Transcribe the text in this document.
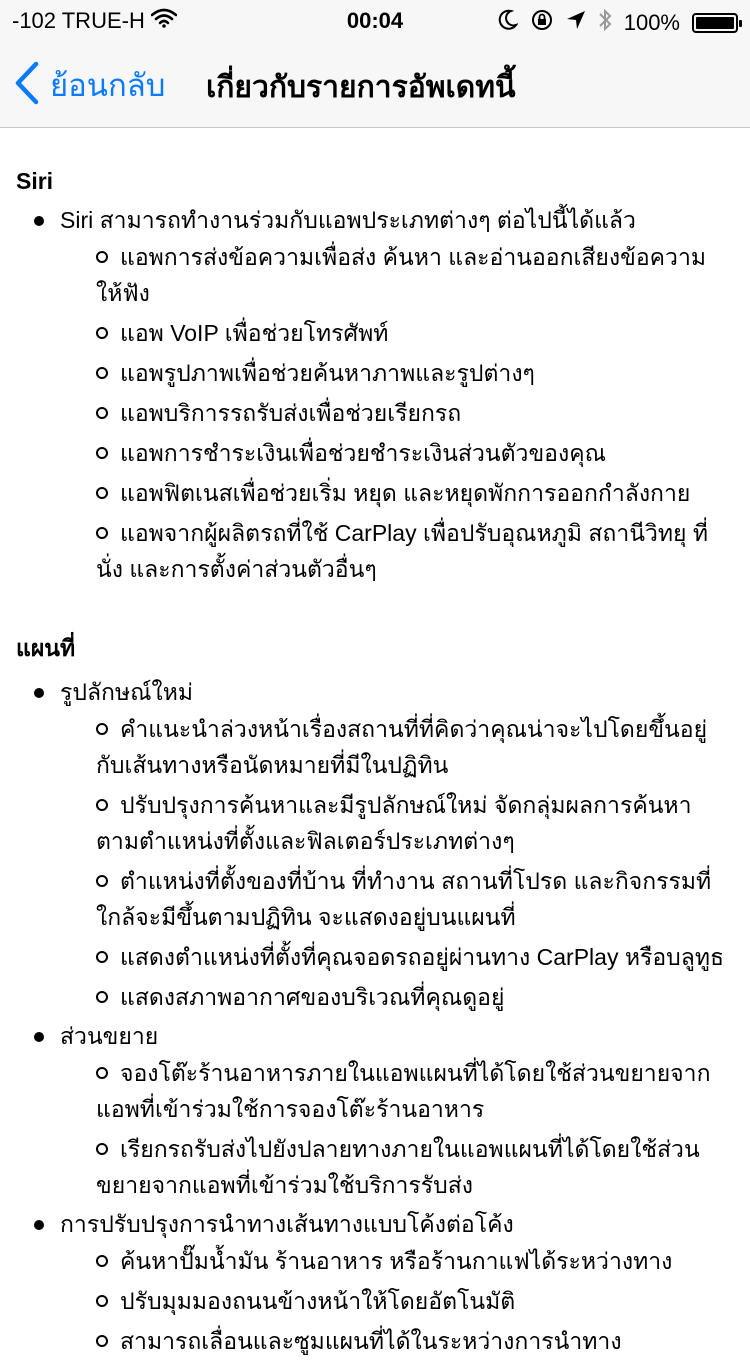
-102 TRUE-H	00:04	100%
ย้อนกลับ เกี่ยวกับรายการอัพเดทนี้
Siri
Siri สามารถทำงานร่วมกับแอพประเภทต่างๆ ต่อไปนี้ได้แล้ว
แอพการส่งข้อความเพื่อส่ง ค้นหา และอ่านออกเสียงข้อความให้ฟัง
แอพ VoIP เพื่อช่วยโทรศัพท์
แอพรูปภาพเพื่อช่วยค้นหาภาพและรูปต่างๆ
แอพบริการรถรับส่งเพื่อช่วยเรียกรถ
แอพการชำระเงินเพื่อช่วยชำระเงินส่วนตัวของคุณ
แอพฟิตเนสเพื่อช่วยเริ่ม หยุด และหยุดพักการออกกำลังกาย
แอพจากผู้ผลิตรถที่ใช้ CarPlay เพื่อปรับอุณหภูมิ สถานีวิทยุ ที่นั่ง และการตั้งค่าส่วนตัวอื่นๆ
แผนที่
รูปลักษณ์ใหม่
คำแนะนำล่วงหน้าเรื่องสถานที่ที่คิดว่าคุณน่าจะไปโดยขึ้นอยู่กับเส้นทางหรือนัดหมายที่มีในปฏิทิน
ปรับปรุงการค้นหาและมีรูปลักษณ์ใหม่ จัดกลุ่มผลการค้นหาตามตำแหน่งที่ตั้งและฟิลเตอร์ประเภทต่างๆ
ตำแหน่งที่ตั้งของที่บ้าน ที่ทำงาน สถานที่โปรด และกิจกรรมที่ใกล้จะมีขึ้นตามปฏิทิน จะแสดงอยู่บนแผนที่
แสดงตำแหน่งที่ตั้งที่คุณจอดรถอยู่ผ่านทาง CarPlay หรือบลูทูธ
แสดงสภาพอากาศของบริเวณที่คุณดูอยู่
ส่วนขยาย
จองโต๊ะร้านอาหารภายในแอพแผนที่ได้โดยใช้ส่วนขยายจากแอพที่เข้าร่วมใช้การจองโต๊ะร้านอาหาร
เรียกรถรับส่งไปยังปลายทางภายในแอพแผนที่ได้โดยใช้ส่วนขยายจากแอพที่เข้าร่วมใช้บริการรับส่ง
การปรับปรุงการนำทางเส้นทางแบบโค้งต่อโค้ง
ค้นหาปั๊มน้ำมัน ร้านอาหาร หรือร้านกาแฟได้ระหว่างทาง
ปรับมุมมองถนนข้างหน้าให้โดยอัตโนมัติ
สามารถเลื่อนและซูมแผนที่ได้ในระหว่างการนำทาง
